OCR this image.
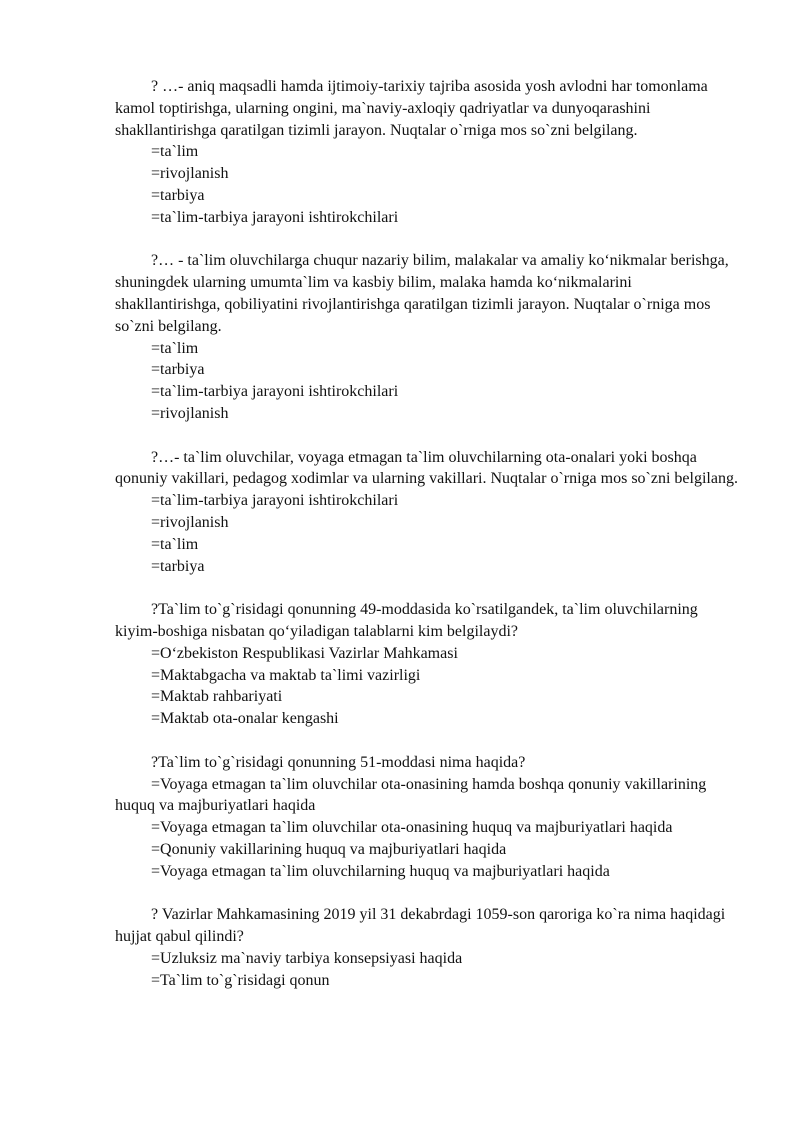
? …- aniq maqsadli hamda ijtimoiy-tarixiy tajriba asosida yosh avlodni har tomonlama kamol toptirishga, ularning ongini, ma`naviy-axloqiy qadriyatlar va dunyoqarashini shakllantirishga qaratilgan tizimli jarayon. Nuqtalar o`rniga mos so`zni belgilang.

=ta`lim
=rivojlanish
=tarbiya
=ta`lim-tarbiya jarayoni ishtirokchilari

?… - ta`lim oluvchilarga chuqur nazariy bilim, malakalar va amaliy ko‘nikmalar berishga, shuningdek ularning umumta`lim va kasbiy bilim, malaka hamda ko‘nikmalarini shakllantirishga, qobiliyatini rivojlantirishga qaratilgan tizimli jarayon. Nuqtalar o`rniga mos so`zni belgilang.

=ta`lim
=tarbiya
=ta`lim-tarbiya jarayoni ishtirokchilari
=rivojlanish

?…- ta`lim oluvchilar, voyaga etmagan ta`lim oluvchilarning ota-onalari yoki boshqa qonuniy vakillari, pedagog xodimlar va ularning vakillari. Nuqtalar o`rniga mos so`zni belgilang.

=ta`lim-tarbiya jarayoni ishtirokchilari
=rivojlanish
=ta`lim
=tarbiya

?Ta`lim to`g`risidagi qonunning 49-moddasida ko`rsatilgandek, ta`lim oluvchilarning kiyim-boshiga nisbatan qo‘yiladigan talablarni kim belgilaydi?

=O‘zbekiston Respublikasi Vazirlar Mahkamasi
=Maktabgacha va maktab ta`limi vazirligi
=Maktab rahbariyati
=Maktab ota-onalar kengashi

?Ta`lim to`g`risidagi qonunning 51-moddasi nima haqida?

=Voyaga etmagan ta`lim oluvchilar ota-onasining hamda boshqa qonuniy vakillarining huquq va majburiyatlari haqida
=Voyaga etmagan ta`lim oluvchilar ota-onasining huquq va majburiyatlari haqida
=Qonuniy vakillarining huquq va majburiyatlari haqida
=Voyaga etmagan ta`lim oluvchilarning huquq va majburiyatlari haqida

? Vazirlar Mahkamasining 2019 yil 31 dekabrdagi 1059-son qaroriga ko`ra nima haqidagi hujjat qabul qilindi?

=Uzluksiz ma`naviy tarbiya konsepsiyasi haqida
=Ta`lim to`g`risidagi qonun
